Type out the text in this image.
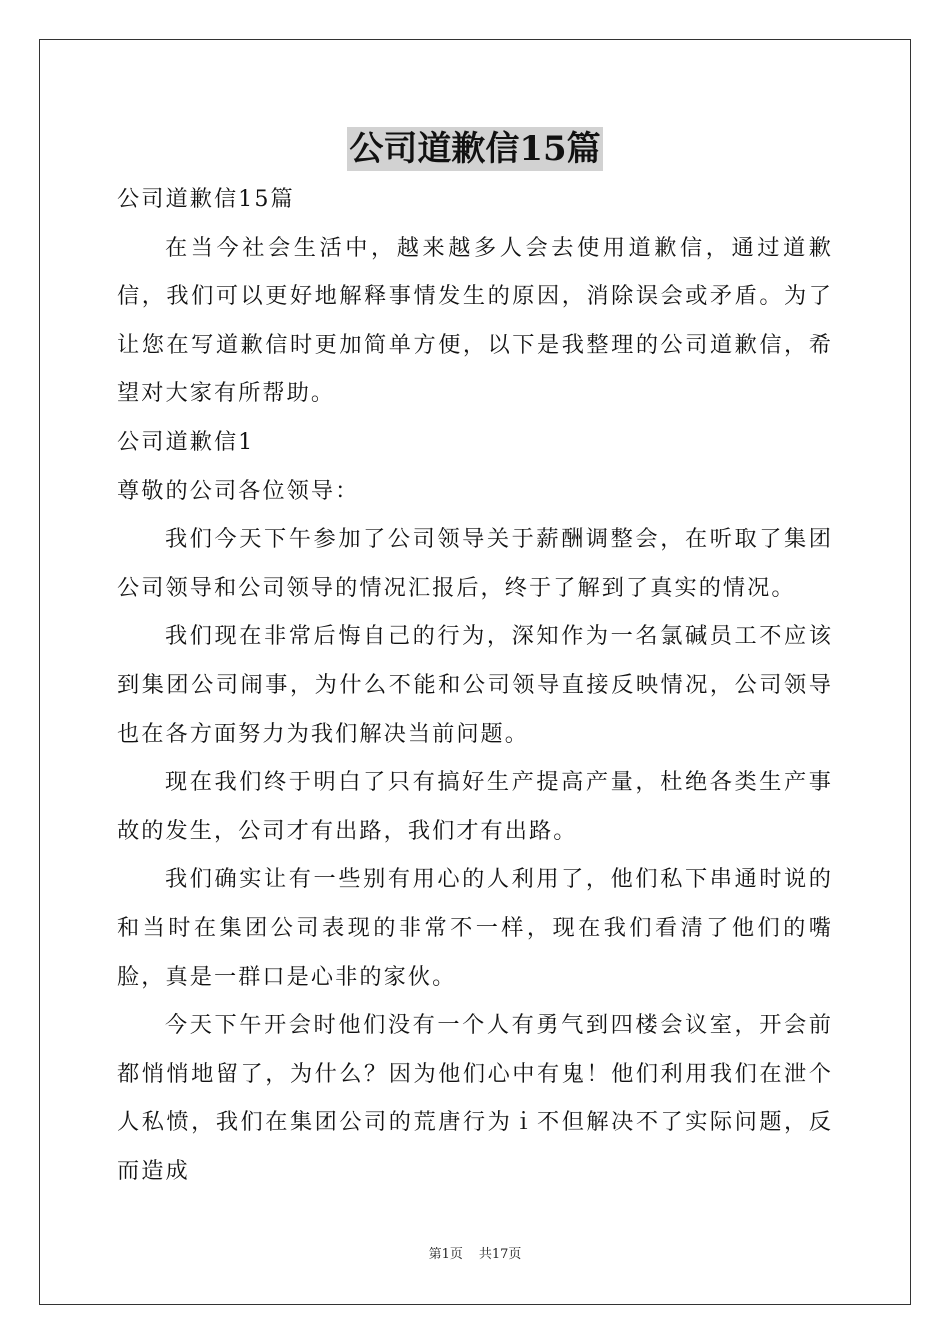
公司道歉信15篇

公司道歉信15篇

在当今社会生活中，越来越多人会去使用道歉信，通过道歉信，我们可以更好地解释事情发生的原因，消除误会或矛盾。为了让您在写道歉信时更加简单方便，以下是我整理的公司道歉信，希望对大家有所帮助。

公司道歉信1

尊敬的公司各位领导：

我们今天下午参加了公司领导关于薪酬调整会，在听取了集团公司领导和公司领导的情况汇报后，终于了解到了真实的情况。

我们现在非常后悔自己的行为，深知作为一名氯碱员工不应该到集团公司闹事，为什么不能和公司领导直接反映情况，公司领导也在各方面努力为我们解决当前问题。

现在我们终于明白了只有搞好生产提高产量，杜绝各类生产事故的发生，公司才有出路，我们才有出路。

我们确实让有一些别有用心的人利用了，他们私下串通时说的和当时在集团公司表现的非常不一样，现在我们看清了他们的嘴脸，真是一群口是心非的家伙。

今天下午开会时他们没有一个人有勇气到四楼会议室，开会前都悄悄地留了，为什么？因为他们心中有鬼！他们利用我们在泄个人私愤，我们在集团公司的荒唐行为ｉ不但解决不了实际问题，反而造成

第1页 共17页
